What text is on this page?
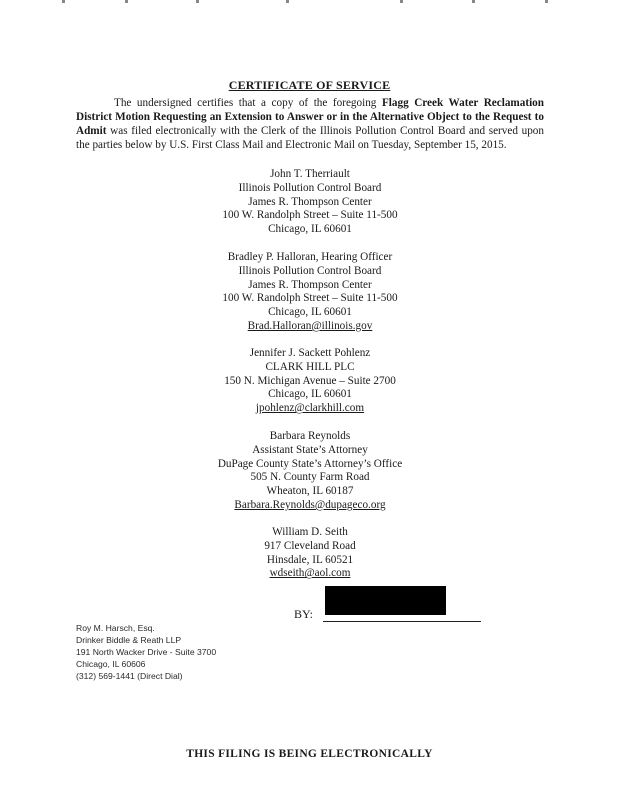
CERTIFICATE OF SERVICE
The undersigned certifies that a copy of the foregoing Flagg Creek Water Reclamation District Motion Requesting an Extension to Answer or in the Alternative Object to the Request to Admit was filed electronically with the Clerk of the Illinois Pollution Control Board and served upon the parties below by U.S. First Class Mail and Electronic Mail on Tuesday, September 15, 2015.
John T. Therriault
Illinois Pollution Control Board
James R. Thompson Center
100 W. Randolph Street – Suite 11-500
Chicago, IL 60601
Bradley P. Halloran, Hearing Officer
Illinois Pollution Control Board
James R. Thompson Center
100 W. Randolph Street – Suite 11-500
Chicago, IL 60601
Brad.Halloran@illinois.gov
Jennifer J. Sackett Pohlenz
CLARK HILL PLC
150 N. Michigan Avenue – Suite 2700
Chicago, IL 60601
jpohlenz@clarkhill.com
Barbara Reynolds
Assistant State’s Attorney
DuPage County State’s Attorney’s Office
505 N. County Farm Road
Wheaton, IL 60187
Barbara.Reynolds@dupageco.org
William D. Seith
917 Cleveland Road
Hinsdale, IL 60521
wdseith@aol.com
BY:
Roy M. Harsch, Esq.
Drinker Biddle & Reath LLP
191 North Wacker Drive - Suite 3700
Chicago, IL 60606
(312) 569-1441 (Direct Dial)
THIS FILING IS BEING ELECTRONICALLY
